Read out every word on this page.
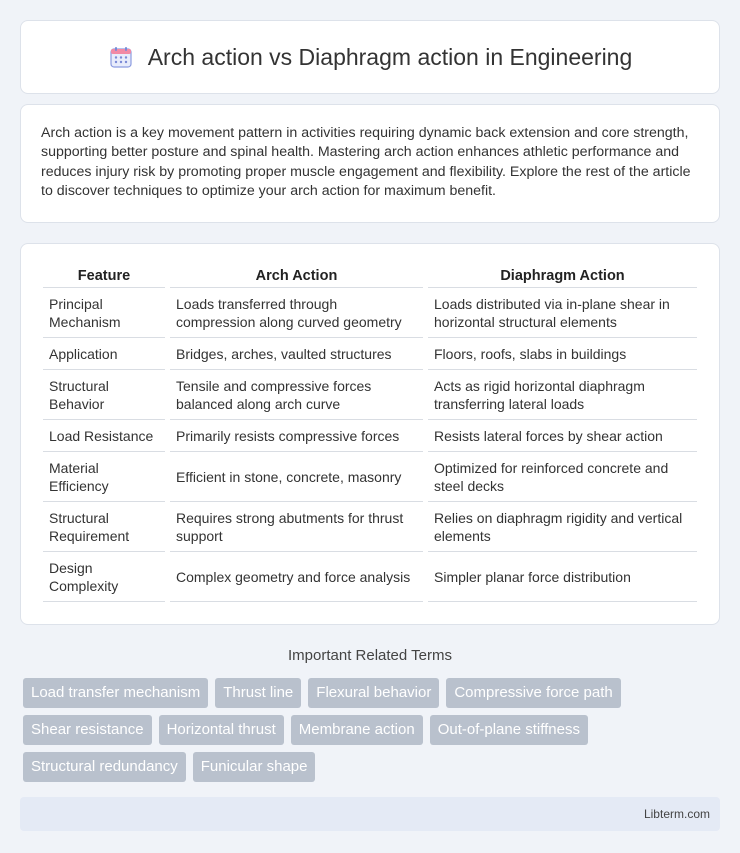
Arch action vs Diaphragm action in Engineering

Arch action is a key movement pattern in activities requiring dynamic back extension and core strength, supporting better posture and spinal health. Mastering arch action enhances athletic performance and reduces injury risk by promoting proper muscle engagement and flexibility. Explore the rest of the article to discover techniques to optimize your arch action for maximum benefit.

Feature	Arch Action	Diaphragm Action
Principal Mechanism	Loads transferred through compression along curved geometry	Loads distributed via in-plane shear in horizontal structural elements
Application	Bridges, arches, vaulted structures	Floors, roofs, slabs in buildings
Structural Behavior	Tensile and compressive forces balanced along arch curve	Acts as rigid horizontal diaphragm transferring lateral loads
Load Resistance	Primarily resists compressive forces	Resists lateral forces by shear action
Material Efficiency	Efficient in stone, concrete, masonry	Optimized for reinforced concrete and steel decks
Structural Requirement	Requires strong abutments for thrust support	Relies on diaphragm rigidity and vertical elements
Design Complexity	Complex geometry and force analysis	Simpler planar force distribution
Important Related Terms
Load transfer mechanism	Thrust line	Flexural behavior	Compressive force path
Shear resistance	Horizontal thrust	Membrane action	Out-of-plane stiffness
Structural redundancy	Funicular shape
Libterm.com
